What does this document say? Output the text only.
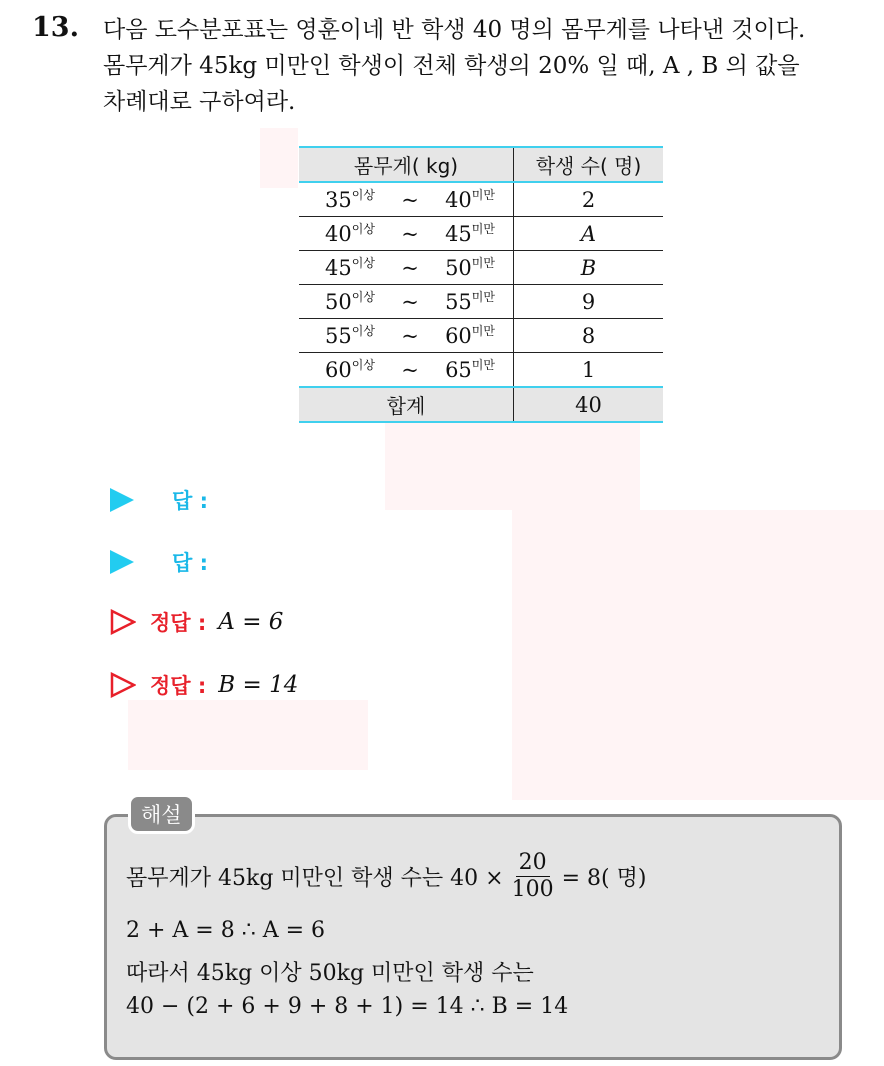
13. 다음 도수분포표는 영훈이네 반 학생 40 명의 몸무게를 나타낸 것이다.

몸무게가 45kg 미만인 학생이 전체 학생의 20% 일 때, A , B 의 값을

차례대로 구하여라.

몸무게( kg)	학생 수( 명)

$35^{이상}$ ~ $40^{미만}$	2

$40^{이상}$ ~ $45^{미만}$	A

$45^{이상}$ ~ $50^{미만}$	B

$50^{이상}$ ~ $55^{미만}$	9

$55^{이상}$ ~ $60^{미만}$	8

$60^{이상}$ ~ $65^{미만}$	1
합계	40
답 :
답 :
정답 : A = 6
정답 : B = 14
해설
몸무게가 45kg 미만인 학생 수는 $40 \times \frac{20}{100} = 8$( 명)
2 + A = 8 ∴ A = 6
따라서 45kg 이상 50kg 미만인 학생 수는
40 − (2 + 6 + 9 + 8 + 1) = 14 ∴ B = 14
